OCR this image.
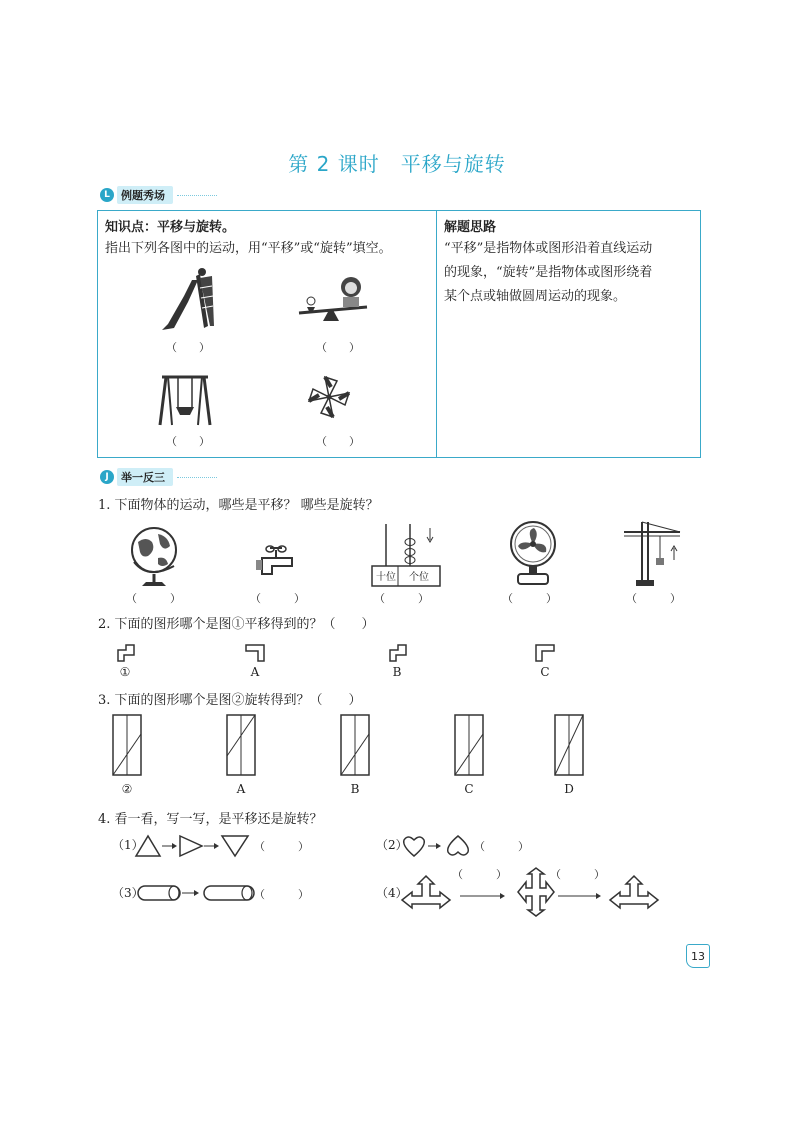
第 2 课时　平移与旋转
L	例题秀场
知识点：平移与旋转。
指出下列各图中的运动，用“平移”或“旋转”填空。
（　　）	（　　）
（　　）	（　　）
解题思路
“平移”是指物体或图形沿着直线运动
的现象，“旋转”是指物体或图形绕着
某个点或轴做圆周运动的现象。
J	举一反三
1. 下面物体的运动，哪些是平移？ 哪些是旋转？
（　　　）	（　　　）
十位	个位
（　　　）	（　　　）	（　　　）
2. 下面的图形哪个是图①平移得到的？（　　）
①	A	B	C
3. 下面的图形哪个是图②旋转得到？（　　）
②	A	B	C	D
4. 看一看，写一写，是平移还是旋转？
（1）	（　　　）	（2）	（　　　）
（3）	（　　　）	（4）
（　　　）	（　　　）
13
